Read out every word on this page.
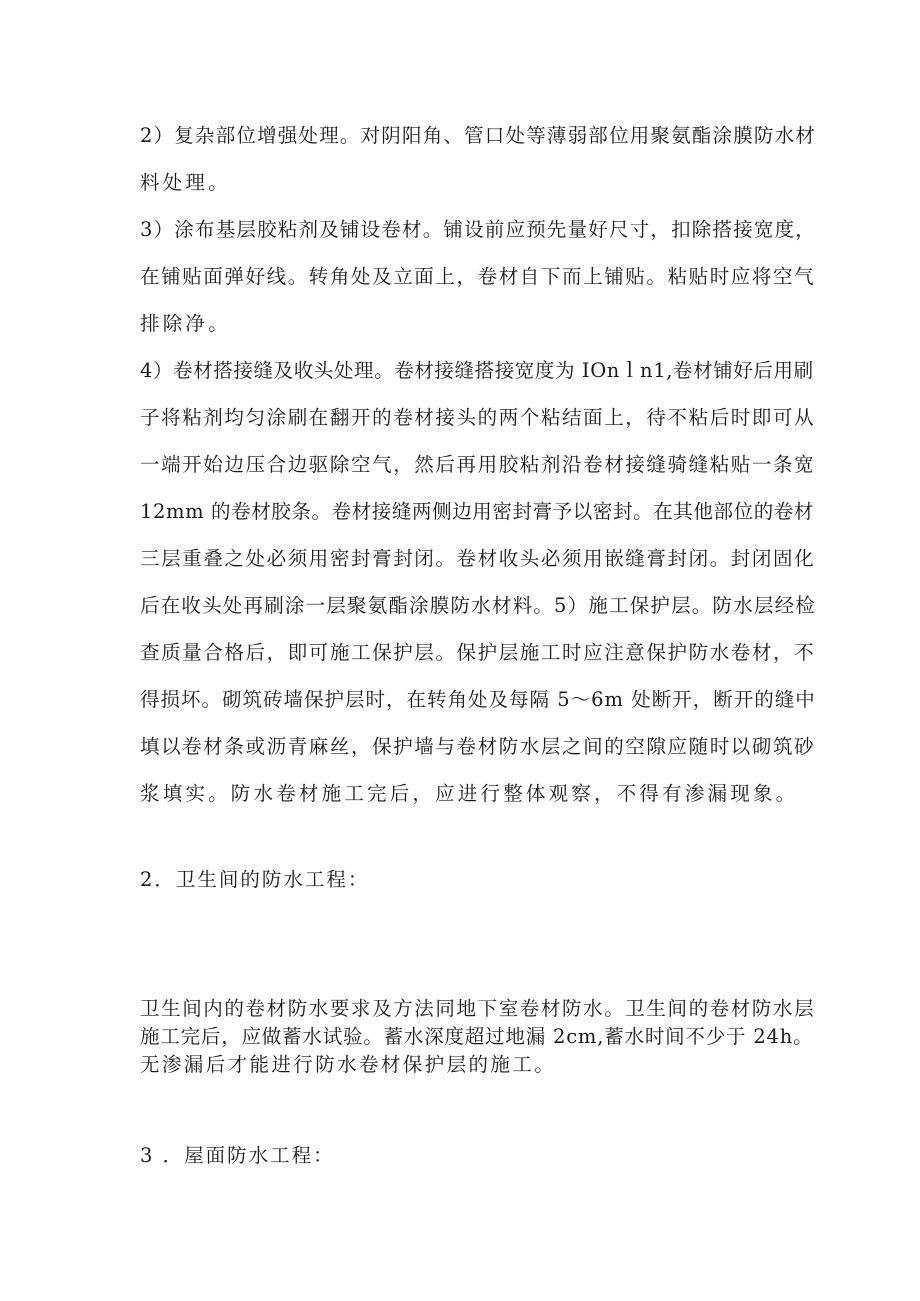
2）复杂部位增强处理。对阴阳角、管口处等薄弱部位用聚氨酯涂膜防水材
料处理。
3）涂布基层胶粘剂及铺设卷材。铺设前应预先量好尺寸，扣除搭接宽度，
在铺贴面弹好线。转角处及立面上，卷材自下而上铺贴。粘贴时应将空气
排除净。
4）卷材搭接缝及收头处理。卷材接缝搭接宽度为 IOnｌn1,卷材铺好后用刷
子将粘剂均匀涂刷在翻开的卷材接头的两个粘结面上，待不粘后时即可从
一端开始边压合边驱除空气，然后再用胶粘剂沿卷材接缝骑缝粘贴一条宽
12mm 的卷材胶条。卷材接缝两侧边用密封膏予以密封。在其他部位的卷材
三层重叠之处必须用密封膏封闭。卷材收头必须用嵌缝膏封闭。封闭固化
后在收头处再刷涂一层聚氨酯涂膜防水材料。5）施工保护层。防水层经检
查质量合格后，即可施工保护层。保护层施工时应注意保护防水卷材，不
得损坏。砌筑砖墙保护层时，在转角处及每隔 5～6m 处断开，断开的缝中
填以卷材条或沥青麻丝，保护墙与卷材防水层之间的空隙应随时以砌筑砂
浆填实。防水卷材施工完后，应进行整体观察，不得有渗漏现象。
2．卫生间的防水工程：
卫生间内的卷材防水要求及方法同地下室卷材防水。卫生间的卷材防水层
施工完后，应做蓄水试验。蓄水深度超过地漏 2cm,蓄水时间不少于 24h。
无渗漏后才能进行防水卷材保护层的施工。
3 ．屋面防水工程：
